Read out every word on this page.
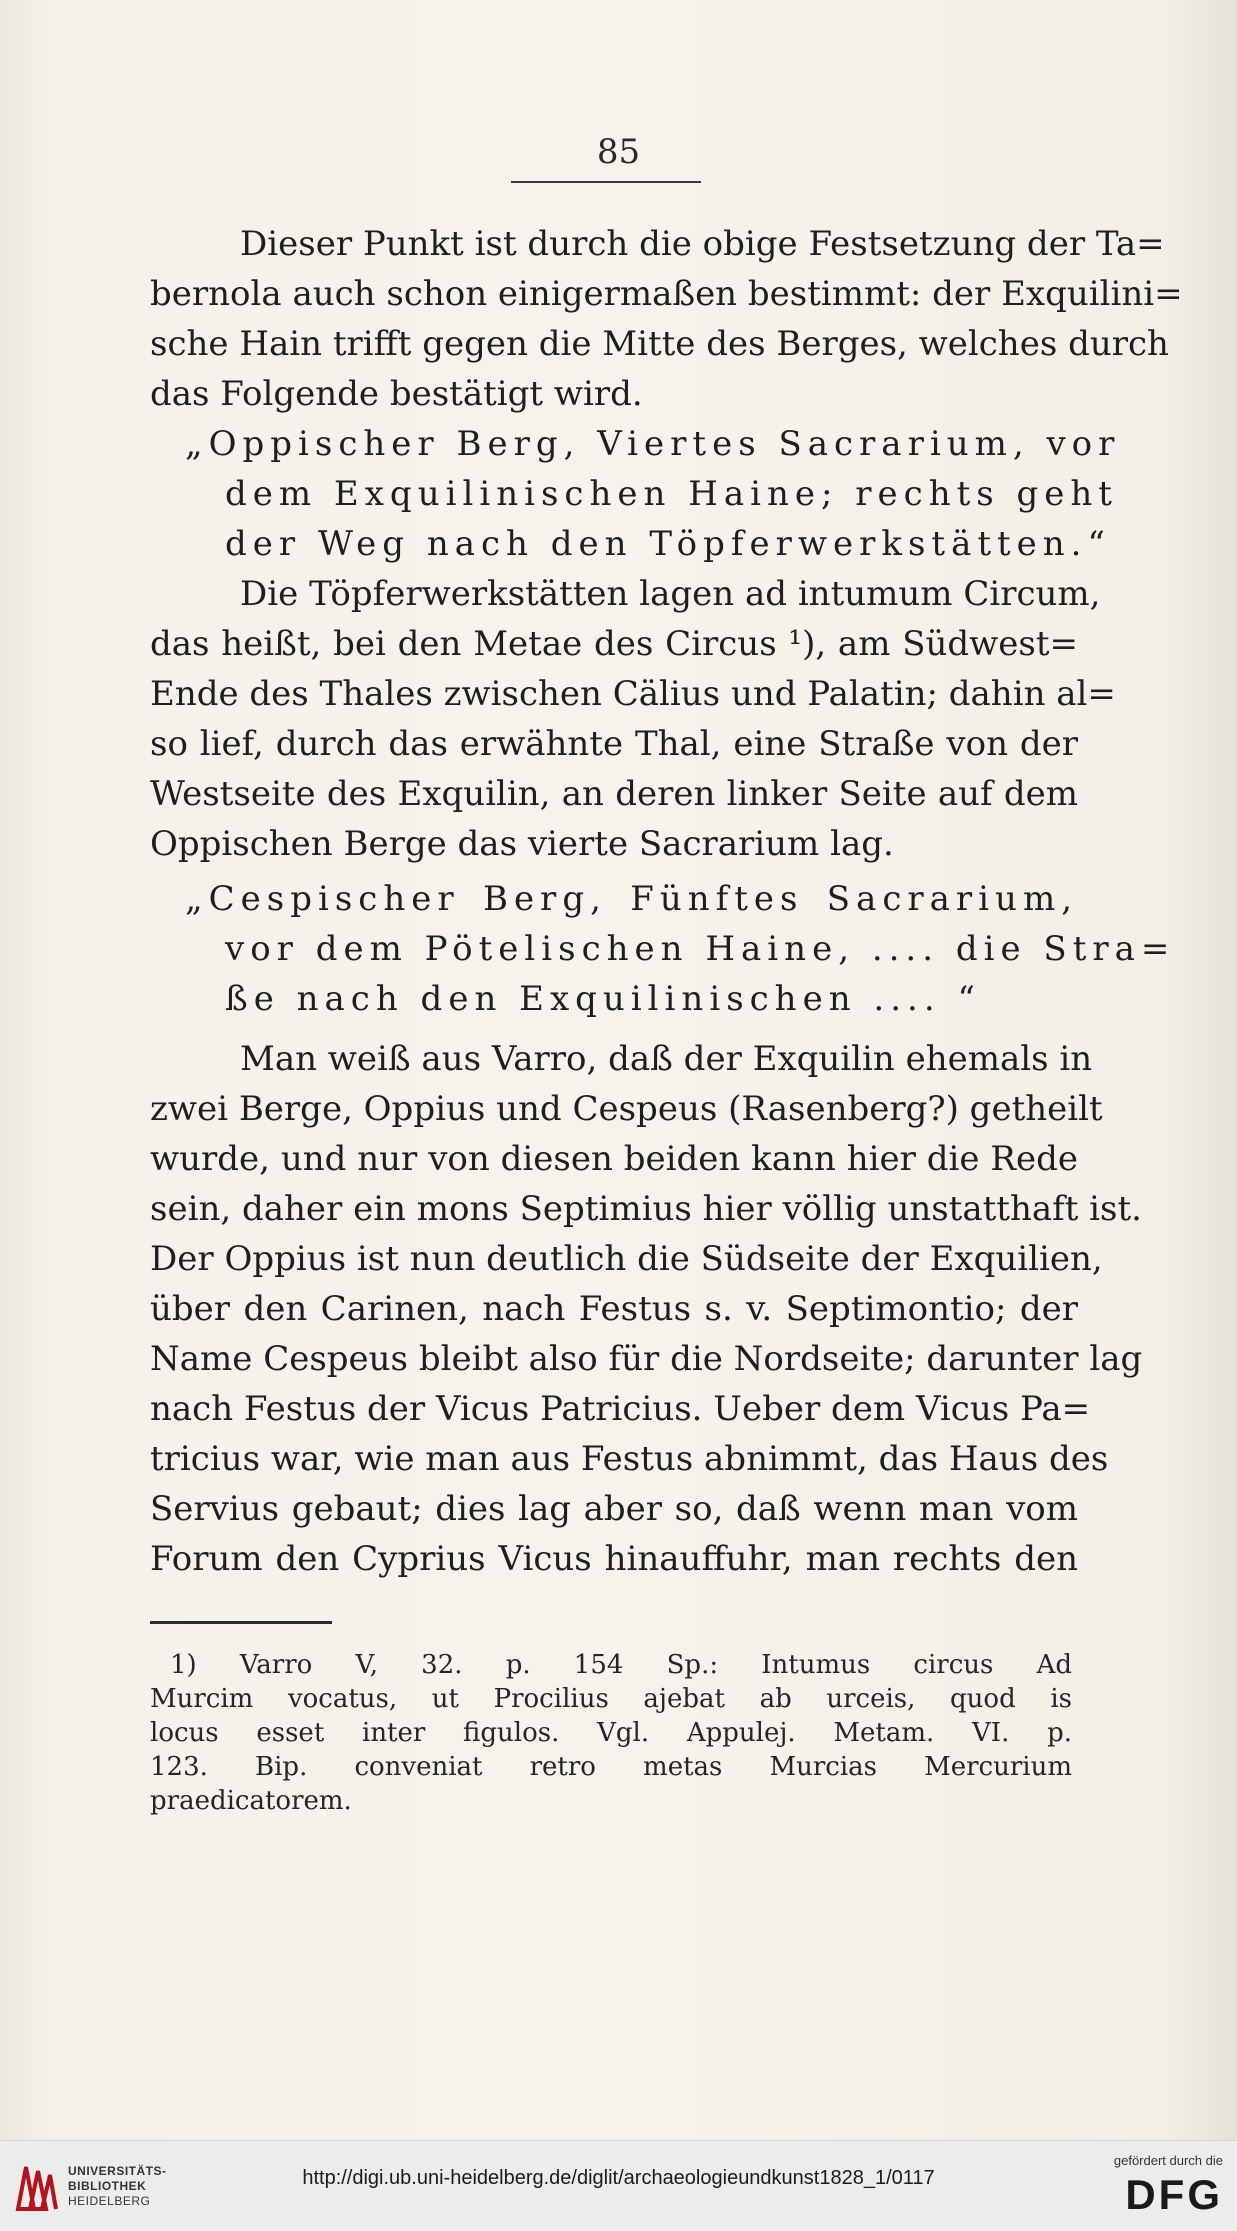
85
Dieser Punkt ist durch die obige Festsetzung der Ta=
bernola auch schon einigermaßen bestimmt: der Exquilini=
sche Hain trifft gegen die Mitte des Berges, welches durch
das Folgende bestätigt wird.
„Oppischer Berg, Viertes Sacrarium, vor
dem Exquilinischen Haine; rechts geht
der Weg nach den Töpferwerkstätten.“
Die Töpferwerkstätten lagen ad intumum Circum,
das heißt, bei den Metae des Circus ¹), am Südwest=
Ende des Thales zwischen Cälius und Palatin; dahin al=
so lief, durch das erwähnte Thal, eine Straße von der
Westseite des Exquilin, an deren linker Seite auf dem
Oppischen Berge das vierte Sacrarium lag.
„Cespischer Berg, Fünftes Sacrarium,
vor dem Pötelischen Haine, .... die Stra=
ße nach den Exquilinischen .... “
Man weiß aus Varro, daß der Exquilin ehemals in
zwei Berge, Oppius und Cespeus (Rasenberg?) getheilt
wurde, und nur von diesen beiden kann hier die Rede
sein, daher ein mons Septimius hier völlig unstatthaft ist.
Der Oppius ist nun deutlich die Südseite der Exquilien,
über den Carinen, nach Festus s. v. Septimontio; der
Name Cespeus bleibt also für die Nordseite; darunter lag
nach Festus der Vicus Patricius. Ueber dem Vicus Pa=
tricius war, wie man aus Festus abnimmt, das Haus des
Servius gebaut; dies lag aber so, daß wenn man vom
Forum den Cyprius Vicus hinauffuhr, man rechts den
1) Varro V, 32. p. 154 Sp.: Intumus circus Ad
Murcim vocatus, ut Procilius ajebat ab urceis, quod is
locus esset inter figulos. Vgl. Appulej. Metam. VI. p.
123. Bip. conveniat retro metas Murcias Mercurium
praedicatorem.
UNIVERSITÄTS-
BIBLIOTHEK
HEIDELBERG
http://digi.ub.uni-heidelberg.de/diglit/archaeologieundkunst1828_1/0117
gefördert durch die
DFG
